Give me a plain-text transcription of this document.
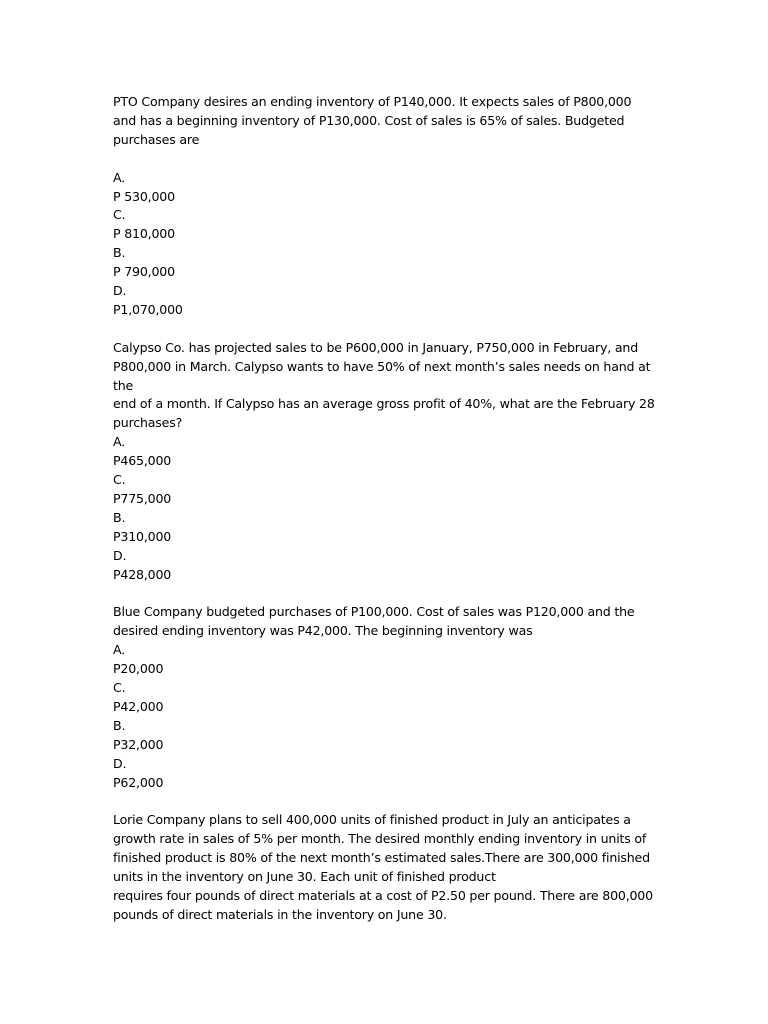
PTO Company desires an ending inventory of P140,000. It expects sales of P800,000
and has a beginning inventory of P130,000. Cost of sales is 65% of sales. Budgeted
purchases are
A.
P 530,000
C.
P 810,000
B.
P 790,000
D.
P1,070,000
Calypso Co. has projected sales to be P600,000 in January, P750,000 in February, and
P800,000 in March. Calypso wants to have 50% of next month’s sales needs on hand at
the
end of a month. If Calypso has an average gross profit of 40%, what are the February 28
purchases?
A.
P465,000
C.
P775,000
B.
P310,000
D.
P428,000
Blue Company budgeted purchases of P100,000. Cost of sales was P120,000 and the
desired ending inventory was P42,000. The beginning inventory was
A.
P20,000
C.
P42,000
B.
P32,000
D.
P62,000
Lorie Company plans to sell 400,000 units of finished product in July an anticipates a
growth rate in sales of 5% per month. The desired monthly ending inventory in units of
finished product is 80% of the next month’s estimated sales.There are 300,000 finished
units in the inventory on June 30. Each unit of finished product
requires four pounds of direct materials at a cost of P2.50 per pound. There are 800,000
pounds of direct materials in the inventory on June 30.
